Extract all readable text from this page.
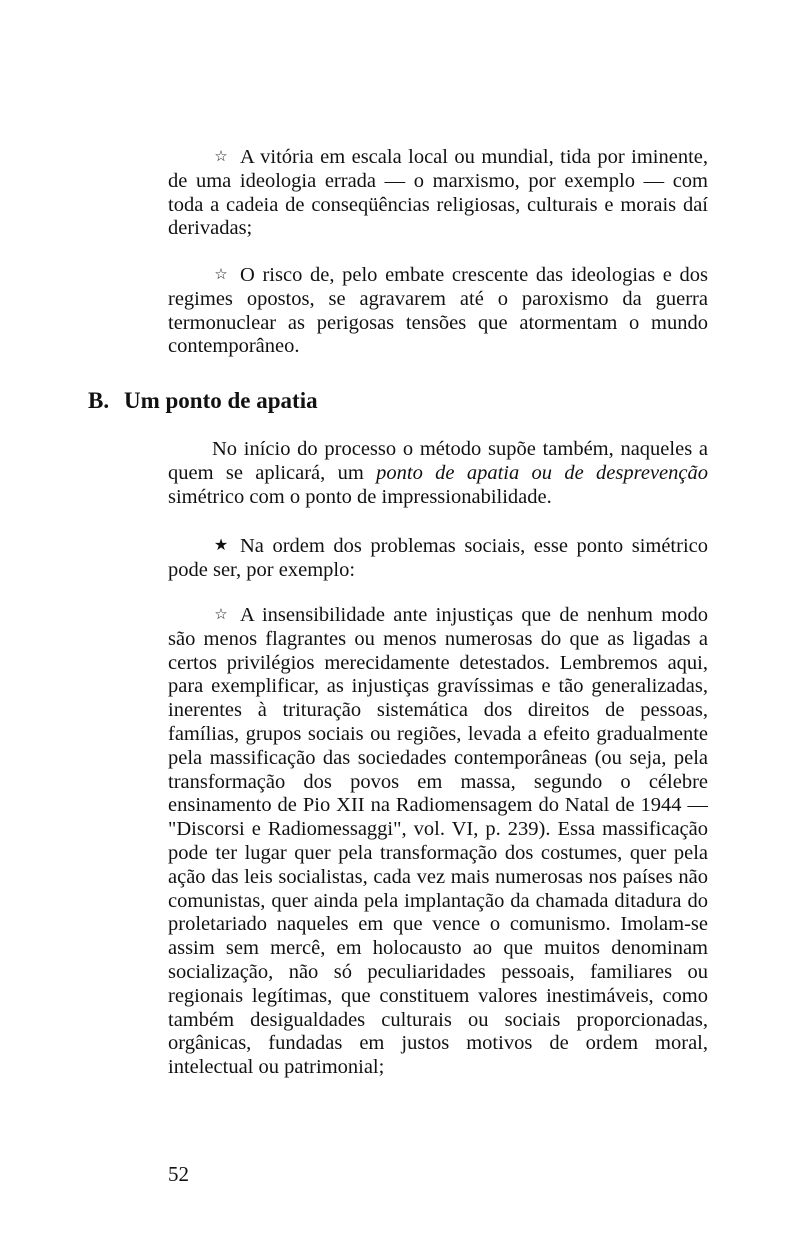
☆ A vitória em escala local ou mundial, tida por iminente, de uma ideologia errada — o marxismo, por exemplo — com toda a cadeia de conseqüências religiosas, culturais e morais daí derivadas;

☆ O risco de, pelo embate crescente das ideologias e dos regimes opostos, se agravarem até o paroxismo da guerra termonuclear as perigosas tensões que atormentam o mundo contemporâneo.

B. Um ponto de apatia

No início do processo o método supõe também, naqueles a quem se aplicará, um ponto de apatia ou de desprevenção simétrico com o ponto de impressionabilidade.

★ Na ordem dos problemas sociais, esse ponto simétrico pode ser, por exemplo:

☆ A insensibilidade ante injustiças que de nenhum modo são menos flagrantes ou menos numerosas do que as ligadas a certos privilégios merecidamente detestados. Lembremos aqui, para exemplificar, as injustiças gravíssimas e tão generalizadas, inerentes à trituração sistemática dos direitos de pessoas, famílias, grupos sociais ou regiões, levada a efeito gradualmente pela massificação das sociedades contemporâneas (ou seja, pela transformação dos povos em massa, segundo o célebre ensinamento de Pio XII na Radiomensagem do Natal de 1944 — "Discorsi e Radiomessaggi", vol. VI, p. 239). Essa massificação pode ter lugar quer pela transformação dos costumes, quer pela ação das leis socialistas, cada vez mais numerosas nos países não comunistas, quer ainda pela implantação da chamada ditadura do proletariado naqueles em que vence o comunismo. Imolam-se assim sem mercê, em holocausto ao que muitos denominam socialização, não só peculiaridades pessoais, familiares ou regionais legítimas, que constituem valores inestimáveis, como também desigualdades culturais ou sociais proporcionadas, orgânicas, fundadas em justos motivos de ordem moral, intelectual ou patrimonial;

52
